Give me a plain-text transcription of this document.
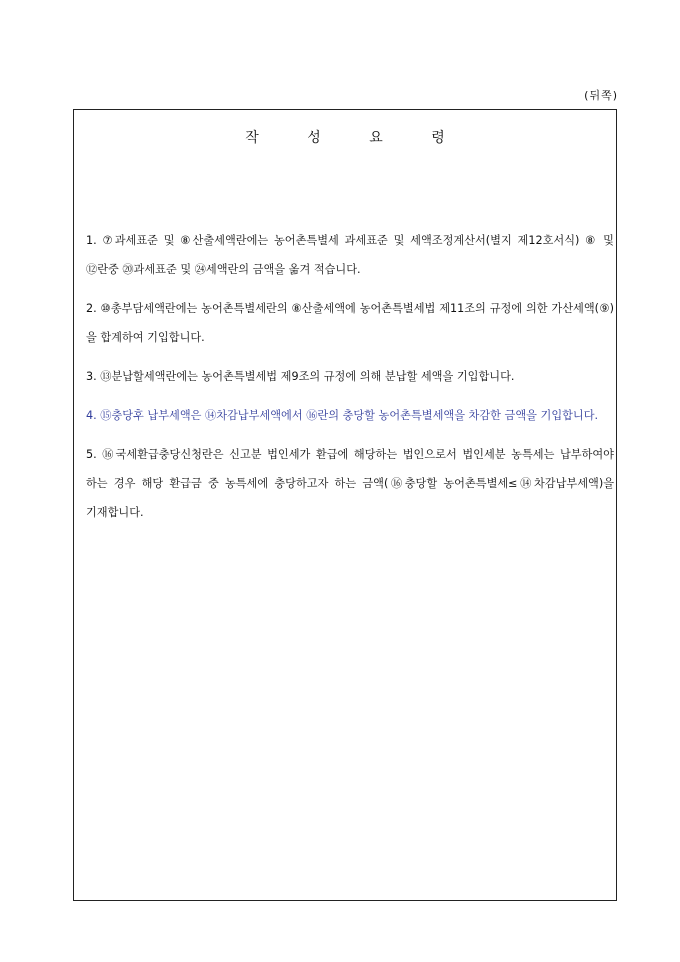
(뒤쪽)
작 성 요 령

1. ⑦과세표준 및 ⑧산출세액란에는 농어촌특별세 과세표준 및 세액조정계산서(별지 제12호서식) ⑧ 및 ⑫란중 ⑳과세표준 및 ㉔세액란의 금액을 옮겨 적습니다.

2. ⑩총부담세액란에는 농어촌특별세란의 ⑧산출세액에 농어촌특별세법 제11조의 규정에 의한 가산세액(⑨)을 합계하여 기입합니다.

3. ⑬분납할세액란에는 농어촌특별세법 제9조의 규정에 의해 분납할 세액을 기입합니다.

4. ⑮충당후 납부세액은 ⑭차감납부세액에서 ⑯란의 충당할 농어촌특별세액을 차감한 금액을 기입합니다.

5. ⑯국세환급충당신청란은 신고분 법인세가 환급에 해당하는 법인으로서 법인세분 농특세는 납부하여야 하는 경우 해당 환급금 중 농특세에 충당하고자 하는 금액(⑯충당할 농어촌특별세≤⑭차감납부세액)을 기재합니다.
